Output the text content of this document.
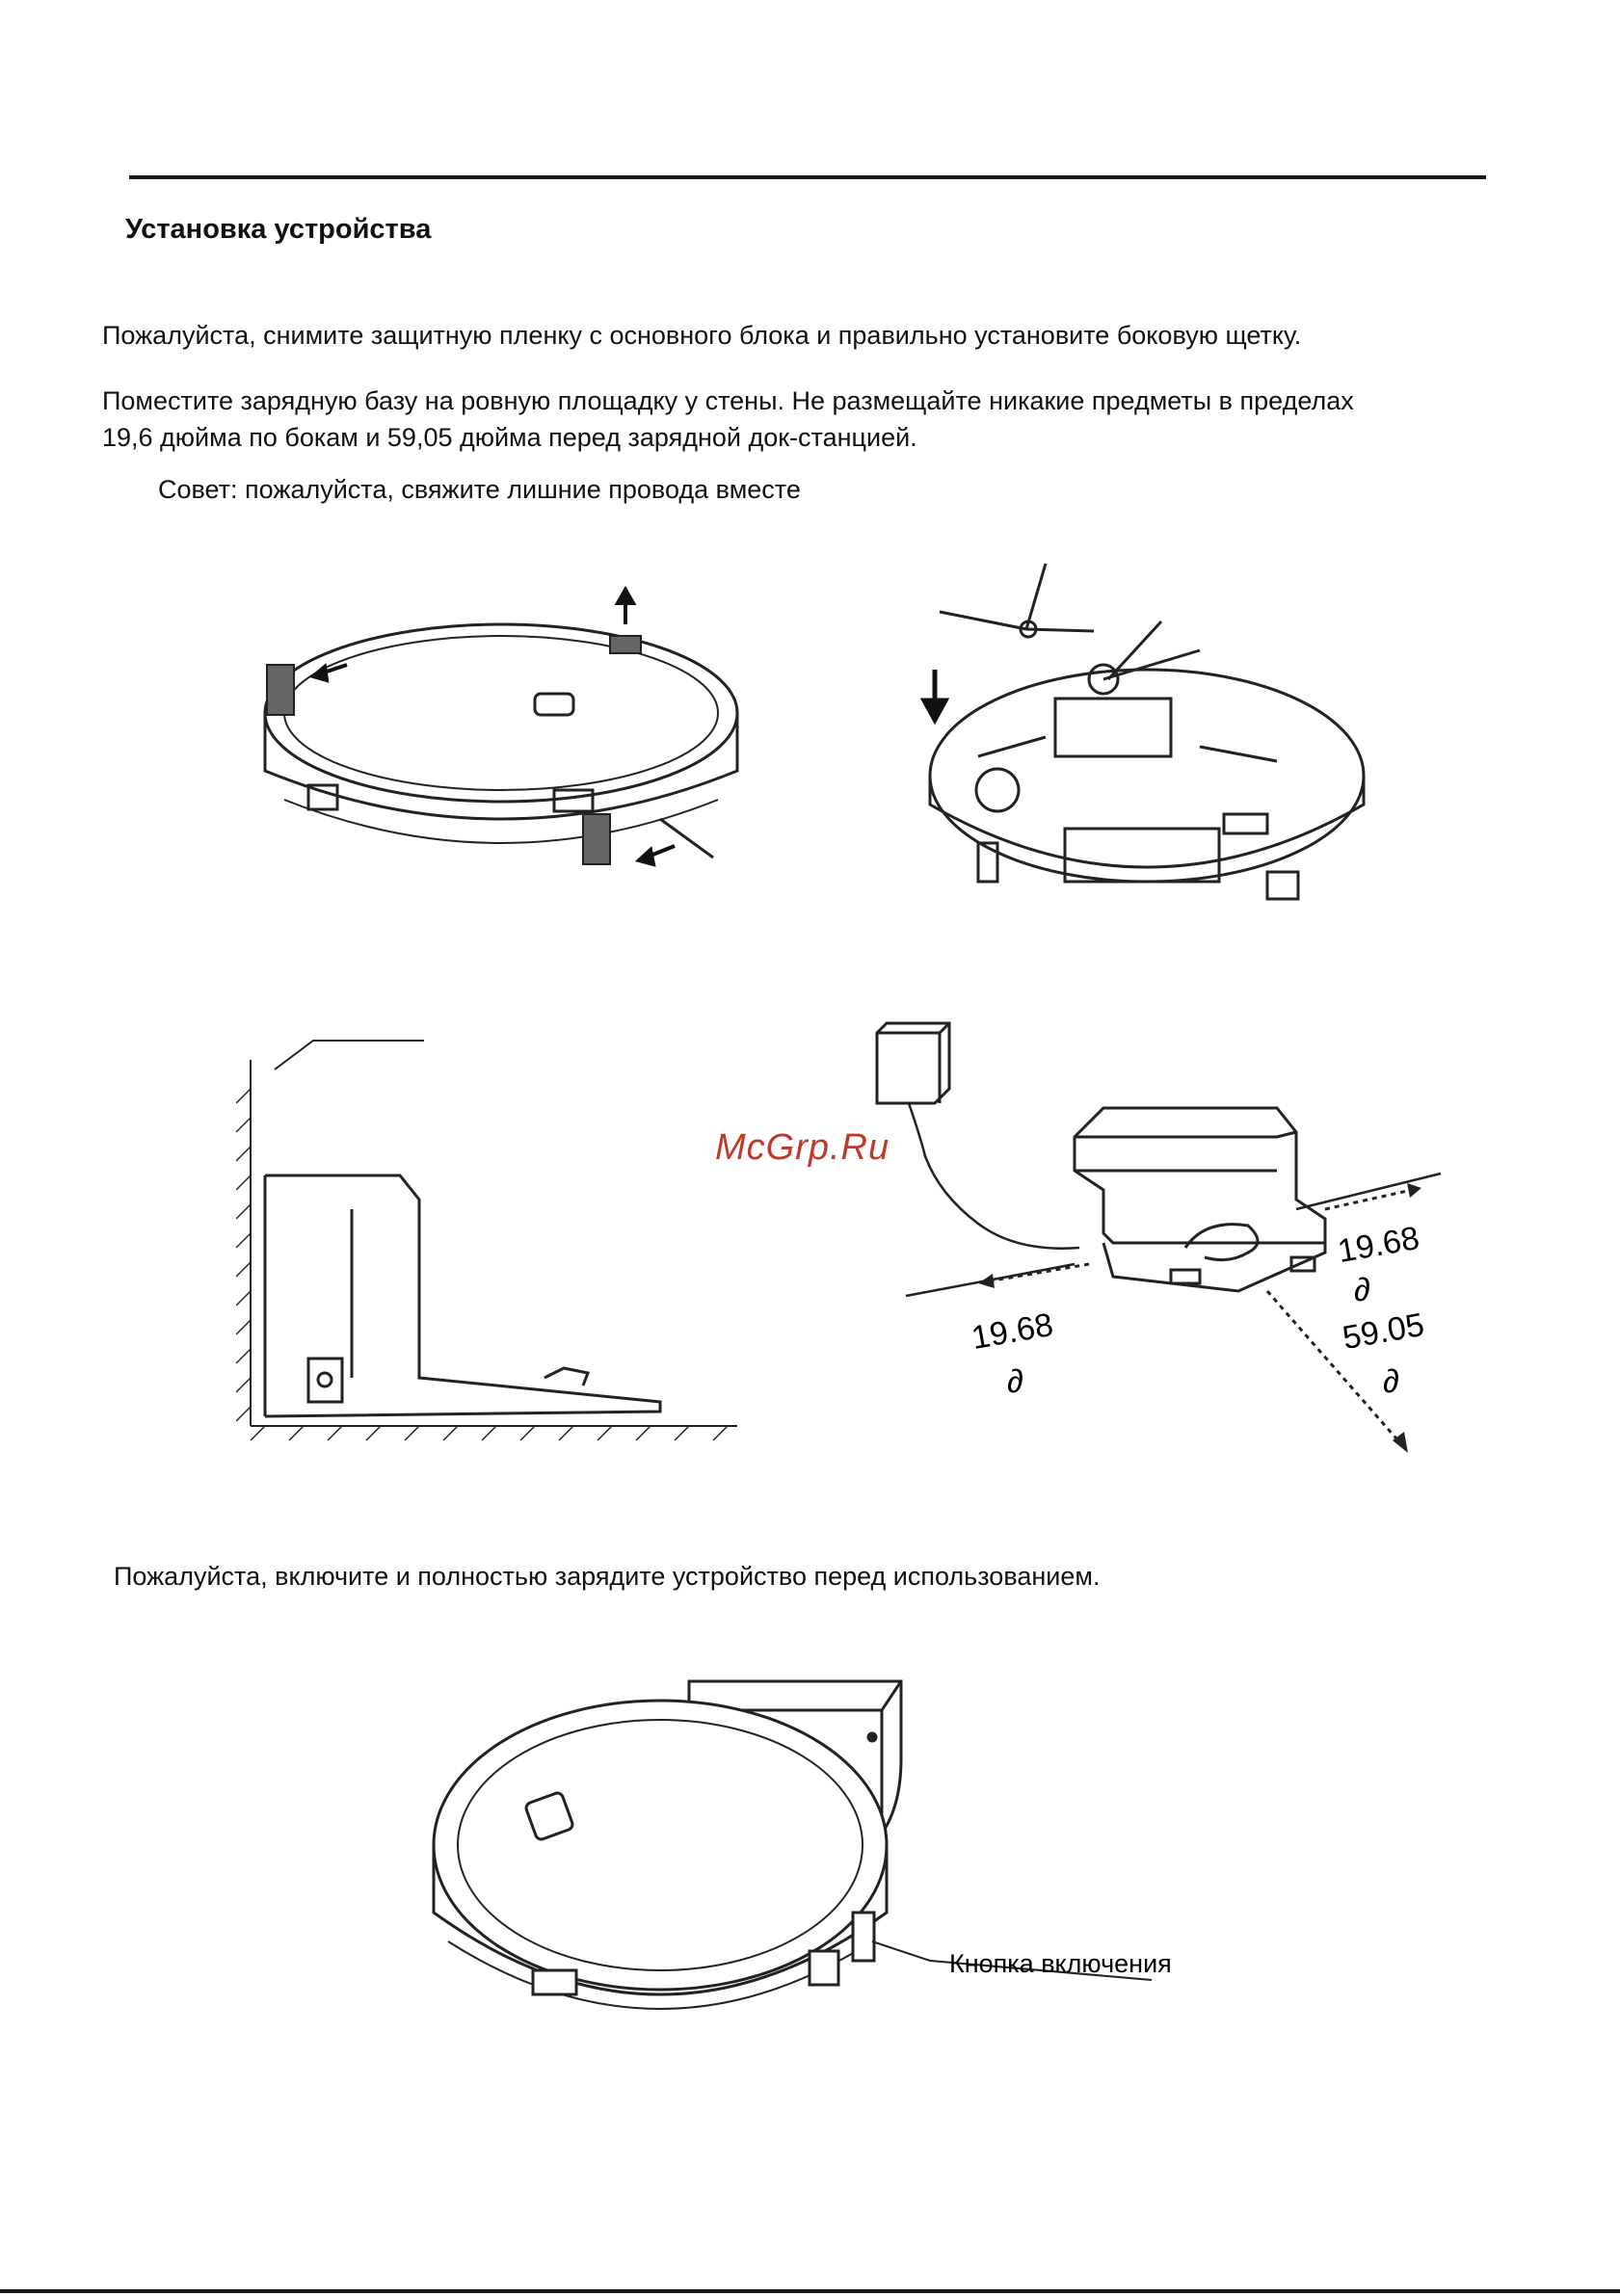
Установка устройства

Пожалуйста, снимите защитную пленку с основного блока и правильно установите боковую щетку.

Поместите зарядную базу на ровную площадку у стены. Не размещайте никакие предметы в пределах

19,6 дюйма по бокам и 59,05 дюйма перед зарядной док-станцией.

Совет: пожалуйста, свяжите лишние провода вместе

19.68
∂
19.68
∂
59.05
∂
McGrp.Ru

Пожалуйста, включите и полностью зарядите устройство перед использованием.

Кнопка включения
